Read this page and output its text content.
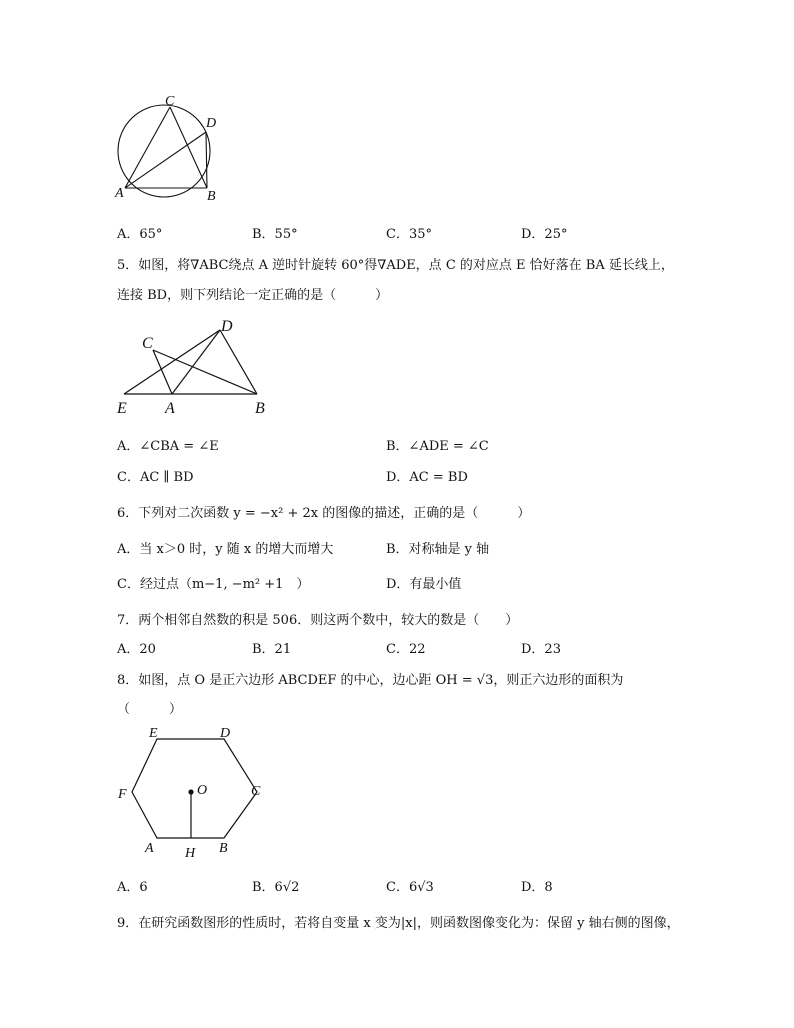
C
D
A	B
A．65°	B．55°	C．35°	D．25°
5．如图，将∇ABC绕点 A 逆时针旋转 60°得∇ADE，点 C 的对应点 E 恰好落在 BA 延长线上，
连接 BD，则下列结论一定正确的是（　　　）
C
D
E A	B
A．∠CBA = ∠E	B．∠ADE = ∠C
C．AC ∥ BD	D．AC = BD
6．下列对二次函数 y = −x² + 2x 的图像的描述，正确的是（　　　）
A．当 x＞0 时，y 随 x 的增大而增大	B．对称轴是 y 轴
C．经过点（m−1, −m² +1　）	D．有最小值
7．两个相邻自然数的积是 506．则这两个数中，较大的数是（　　）
A．20	B．21	C．22	D．23
8．如图，点 O 是正六边形 ABCDEF 的中心，边心距 OH = √3，则正六边形的面积为
（　　　）
E	D
F	O	C
A H B
A．6	B．6√2	C．6√3	D．8
9．在研究函数图形的性质时，若将自变量 x 变为|x|，则函数图像变化为：保留 y 轴右侧的图像，
